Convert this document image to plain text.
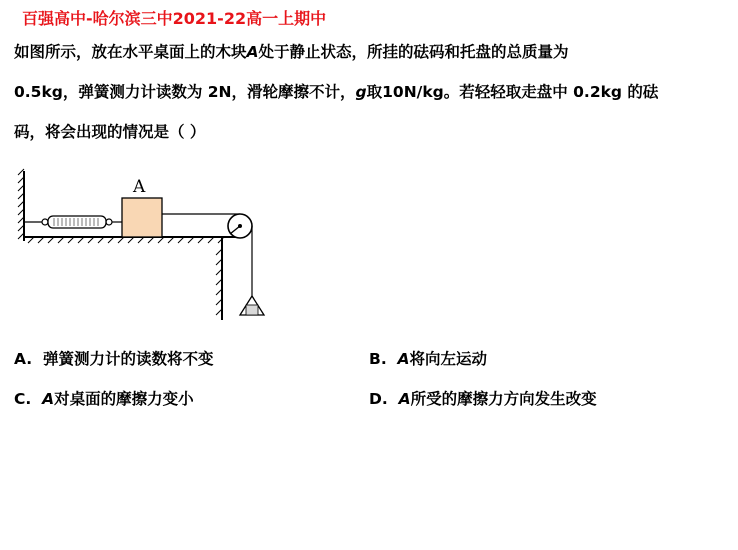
百强高中-哈尔滨三中2021-22高一上期中
如图所示，放在水平桌面上的木块A处于静止状态，所挂的砝码和托盘的总质量为
0.5kg，弹簧测力计读数为 2N，滑轮摩擦不计，g取10N/kg。若轻轻取走盘中 0.2kg 的砝
码，将会出现的情况是（ ）
A
A. 弹簧测力计的读数将不变	B. A将向左运动
C. A对桌面的摩擦力变小	D. A所受的摩擦力方向发生改变
